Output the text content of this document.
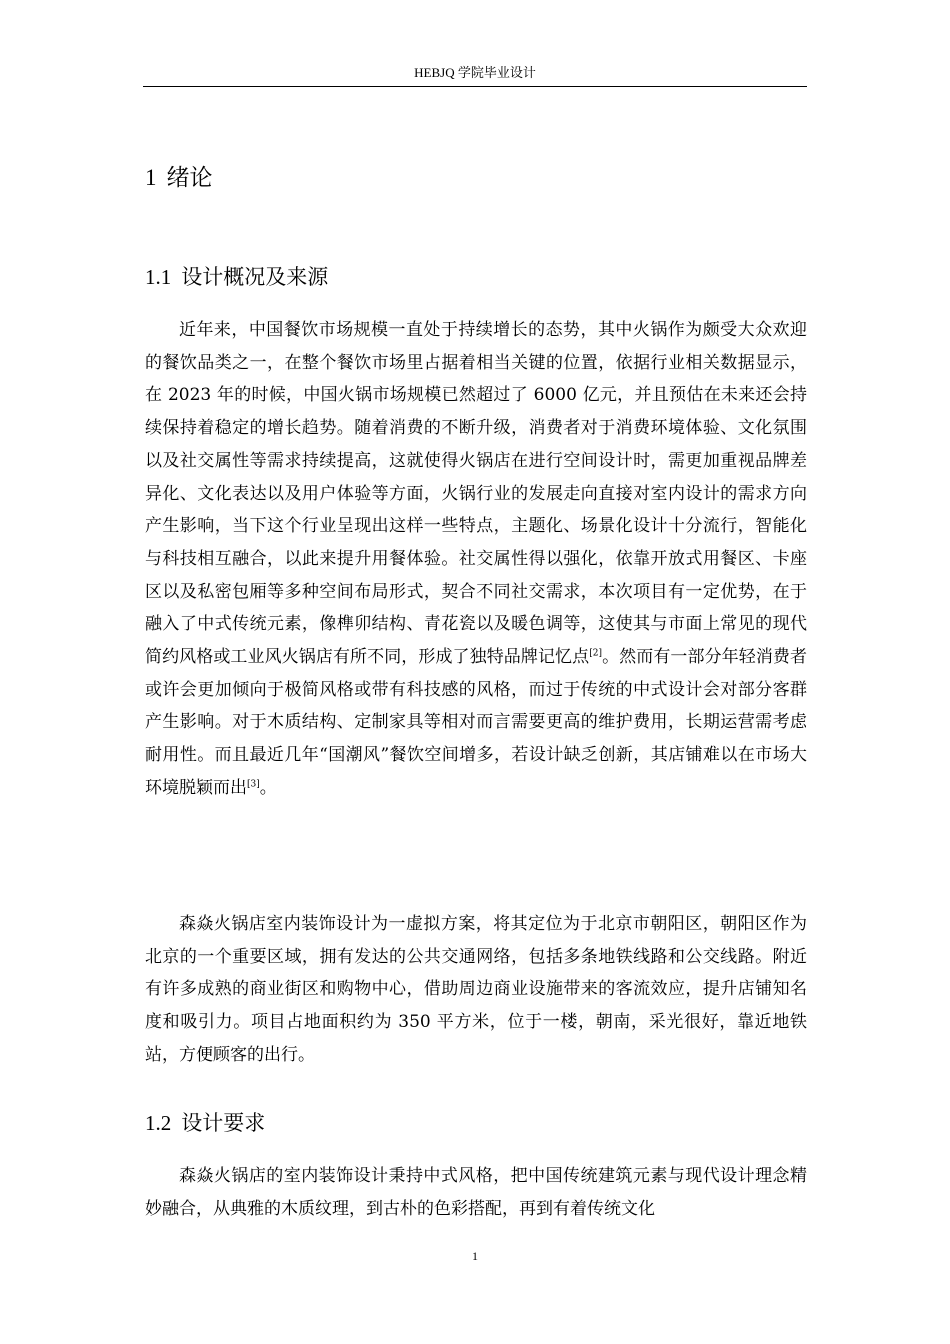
HEBJQ 学院毕业设计
1 绪论
1.1 设计概况及来源

近年来，中国餐饮市场规模一直处于持续增长的态势，其中火锅作为颇受大众欢迎的餐饮品类之一，在整个餐饮市场里占据着相当关键的位置，依据行业相关数据显示，在 2023 年的时候，中国火锅市场规模已然超过了 6000 亿元，并且预估在未来还会持续保持着稳定的增长趋势。随着消费的不断升级，消费者对于消费环境体验、文化氛围以及社交属性等需求持续提高，这就使得火锅店在进行空间设计时，需更加重视品牌差异化、文化表达以及用户体验等方面，火锅行业的发展走向直接对室内设计的需求方向产生影响，当下这个行业呈现出这样一些特点，主题化、场景化设计十分流行，智能化与科技相互融合，以此来提升用餐体验。社交属性得以强化，依靠开放式用餐区、卡座区以及私密包厢等多种空间布局形式，契合不同社交需求，本次项目有一定优势，在于融入了中式传统元素，像榫卯结构、青花瓷以及暖色调等，这使其与市面上常见的现代简约风格或工业风火锅店有所不同，形成了独特品牌记忆点[2]。然而有一部分年轻消费者或许会更加倾向于极简风格或带有科技感的风格，而过于传统的中式设计会对部分客群产生影响。对于木质结构、定制家具等相对而言需要更高的维护费用，长期运营需考虑耐用性。而且最近几年“国潮风”餐饮空间增多，若设计缺乏创新，其店铺难以在市场大环境脱颖而出[3]。

森焱火锅店室内装饰设计为一虚拟方案，将其定位为于北京市朝阳区，朝阳区作为北京的一个重要区域，拥有发达的公共交通网络，包括多条地铁线路和公交线路。附近有许多成熟的商业街区和购物中心，借助周边商业设施带来的客流效应，提升店铺知名度和吸引力。项目占地面积约为 350 平方米，位于一楼，朝南，采光很好，靠近地铁站，方便顾客的出行。

1.2 设计要求

森焱火锅店的室内装饰设计秉持中式风格，把中国传统建筑元素与现代设计理念精妙融合，从典雅的木质纹理，到古朴的色彩搭配，再到有着传统文化

1
